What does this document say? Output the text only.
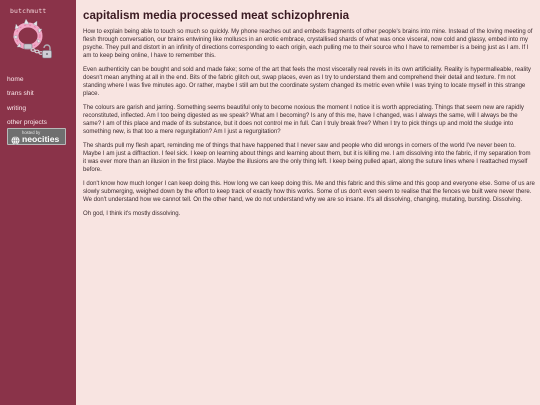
butchmutt
home
trans shit
writing
other projects
hosted by
neocities
capitalism media processed meat schizophrenia

How to explain being able to touch so much so quickly. My phone reaches out and embeds fragments of other people's brains into mine. Instead of the loving meeting of flesh through conversation, our brains entwining like molluscs in an erotic embrace, crystallised shards of what was once visceral, now cold and glassy, embed into my psyche. They pull and distort in an infinity of directions corresponding to each origin, each pulling me to their source who I have to remember is a being just as I am. If I am to keep being online, I have to remember this.

Even authenticity can be bought and sold and made fake; some of the art that feels the most viscerally real revels in its own artificiality. Reality is hypermalleable, reality doesn't mean anything at all in the end. Bits of the fabric glitch out, swap places, even as I try to understand them and comprehend their detail and texture. I'm not standing where I was five minutes ago. Or rather, maybe I still am but the coordinate system changed its metric even while I was trying to locate myself in this strange place.

The colours are garish and jarring. Something seems beautiful only to become noxious the moment I notice it is worth appreciating. Things that seem new are rapidly reconstituted, inflected. Am I too being digested as we speak? What am I becoming? Is any of this me, have I changed, was I always the same, will I always be the same? I am of this place and made of its substance, but it does not control me in full. Can I truly break free? When I try to pick things up and mold the sludge into something new, is that too a mere regurgitation? Am I just a regurgitation?

The shards pull my flesh apart, reminding me of things that have happened that I never saw and people who did wrongs in corners of the world I've never been to. Maybe I am just a diffraction. I feel sick. I keep on learning about things and learning about them, but it is killing me. I am dissolving into the fabric, if my separation from it was ever more than an illusion in the first place. Maybe the illusions are the only thing left. I keep being pulled apart, along the suture lines where I reattached myself before.

I don't know how much longer I can keep doing this. How long we can keep doing this. Me and this fabric and this slime and this goop and everyone else. Some of us are slowly submerging, weighed down by the effort to keep track of exactly how this works. Some of us don't even seem to realise that the fences we built were never there. We don't understand how we cannot tell. On the other hand, we do not understand why we are so insane. It's all dissolving, changing, mutating, bursting. Dissolving.

Oh god, I think it's mostly dissolving.
